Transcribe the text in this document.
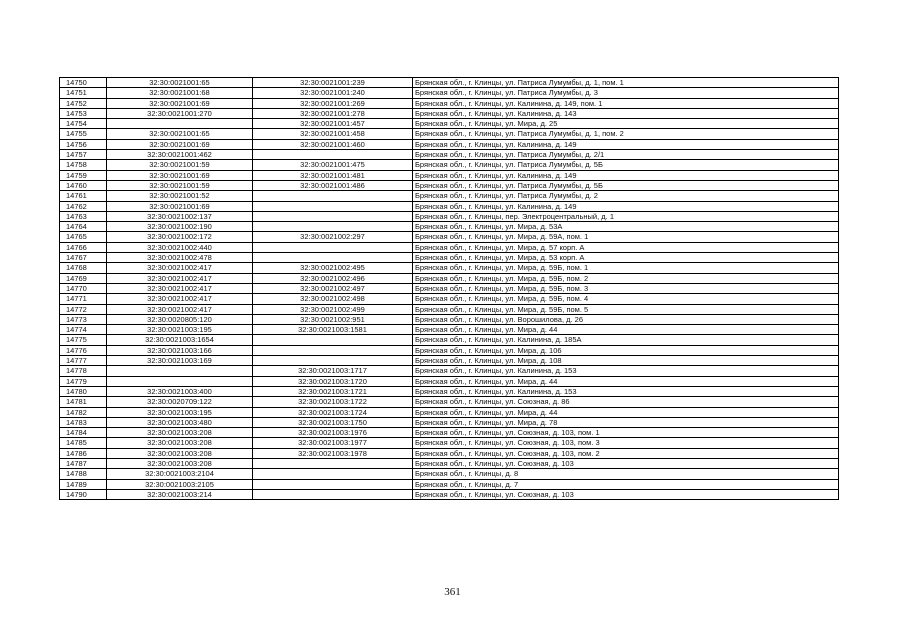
14750	32:30:0021001:65	32:30:0021001:239	Брянская обл., г. Клинцы, ул. Патриса Лумумбы, д. 1, пом. 1
14751	32:30:0021001:68	32:30:0021001:240	Брянская обл., г. Клинцы, ул. Патриса Лумумбы, д. 3
14752	32:30:0021001:69	32:30:0021001:269	Брянская обл., г. Клинцы, ул. Калинина, д. 149, пом. 1
14753	32:30:0021001:270	32:30:0021001:278	Брянская обл., г. Клинцы, ул. Калинина, д. 143
14754		32:30:0021001:457	Брянская обл., г. Клинцы, ул. Мира, д. 25
14755	32:30:0021001:65	32:30:0021001:458	Брянская обл., г. Клинцы, ул. Патриса Лумумбы, д. 1, пом. 2
14756	32:30:0021001:69	32:30:0021001:460	Брянская обл., г. Клинцы, ул. Калинина, д. 149
14757	32:30:0021001:462		Брянская обл., г. Клинцы, ул. Патриса Лумумбы, д. 2/1
14758	32:30:0021001:59	32:30:0021001:475	Брянская обл., г. Клинцы, ул. Патриса Лумумбы, д. 5Б
14759	32:30:0021001:69	32:30:0021001:481	Брянская обл., г. Клинцы, ул. Калинина, д. 149
14760	32:30:0021001:59	32:30:0021001:486	Брянская обл., г. Клинцы, ул. Патриса Лумумбы, д. 5Б
14761	32:30:0021001:52		Брянская обл., г. Клинцы, ул. Патриса Лумумбы, д. 2
14762	32:30:0021001:69		Брянская обл., г. Клинцы, ул. Калинина, д. 149
14763	32:30:0021002:137		Брянская обл., г. Клинцы, пер. Электроцентральный, д. 1
14764	32:30:0021002:190		Брянская обл., г. Клинцы, ул. Мира, д. 53А
14765	32:30:0021002:172	32:30:0021002:297	Брянская обл., г. Клинцы, ул. Мира, д. 59А, пом. 1
14766	32:30:0021002:440		Брянская обл., г. Клинцы, ул. Мира, д. 57 корп. А
14767	32:30:0021002:478		Брянская обл., г. Клинцы, ул. Мира, д. 53 корп. А
14768	32:30:0021002:417	32:30:0021002:495	Брянская обл., г. Клинцы, ул. Мира, д. 59Б, пом. 1
14769	32:30:0021002:417	32:30:0021002:496	Брянская обл., г. Клинцы, ул. Мира, д. 59Б, пом. 2
14770	32:30:0021002:417	32:30:0021002:497	Брянская обл., г. Клинцы, ул. Мира, д. 59Б, пом. 3
14771	32:30:0021002:417	32:30:0021002:498	Брянская обл., г. Клинцы, ул. Мира, д. 59Б, пом. 4
14772	32:30:0021002:417	32:30:0021002:499	Брянская обл., г. Клинцы, ул. Мира, д. 59Б, пом. 5
14773	32:30:0020805:120	32:30:0021002:951	Брянская обл., г. Клинцы, ул. Ворошилова, д. 26
14774	32:30:0021003:195	32:30:0021003:1581	Брянская обл., г. Клинцы, ул. Мира, д. 44
14775	32:30:0021003:1654		Брянская обл., г. Клинцы, ул. Калинина, д. 185А
14776	32:30:0021003:166		Брянская обл., г. Клинцы, ул. Мира, д. 106
14777	32:30:0021003:169		Брянская обл., г. Клинцы, ул. Мира, д. 108
14778		32:30:0021003:1717	Брянская обл., г. Клинцы, ул. Калинина, д. 153
14779		32:30:0021003:1720	Брянская обл., г. Клинцы, ул. Мира, д. 44
14780	32:30:0021003:400	32:30:0021003:1721	Брянская обл., г. Клинцы, ул. Калинина, д. 153
14781	32:30:0020709:122	32:30:0021003:1722	Брянская обл., г. Клинцы, ул. Союзная, д. 86
14782	32:30:0021003:195	32:30:0021003:1724	Брянская обл., г. Клинцы, ул. Мира, д. 44
14783	32:30:0021003:480	32:30:0021003:1750	Брянская обл., г. Клинцы, ул. Мира, д. 78
14784	32:30:0021003:208	32:30:0021003:1976	Брянская обл., г. Клинцы, ул. Союзная, д. 103, пом. 1
14785	32:30:0021003:208	32:30:0021003:1977	Брянская обл., г. Клинцы, ул. Союзная, д. 103, пом. 3
14786	32:30:0021003:208	32:30:0021003:1978	Брянская обл., г. Клинцы, ул. Союзная, д. 103, пом. 2
14787	32:30:0021003:208		Брянская обл., г. Клинцы, ул. Союзная, д. 103
14788	32:30:0021003:2104		Брянская обл., г. Клинцы, д. 8
14789	32:30:0021003:2105		Брянская обл., г. Клинцы, д. 7
14790	32:30:0021003:214		Брянская обл., г. Клинцы, ул. Союзная, д. 103
361
